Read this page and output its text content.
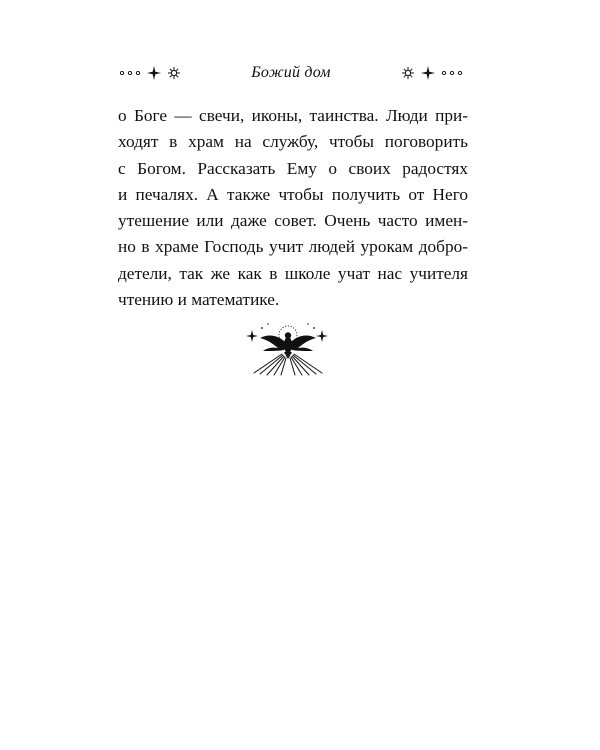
Божий дом
о Боге — свечи, иконы, таинства. Люди при-
ходят в храм на службу, чтобы поговорить
с Богом. Рассказать Ему о своих радостях
и печалях. А также чтобы получить от Него
утешение или даже совет. Очень часто имен-
но в храме Господь учит людей урокам добро-
детели, так же как в школе учат нас учителя
чтению и математике.
